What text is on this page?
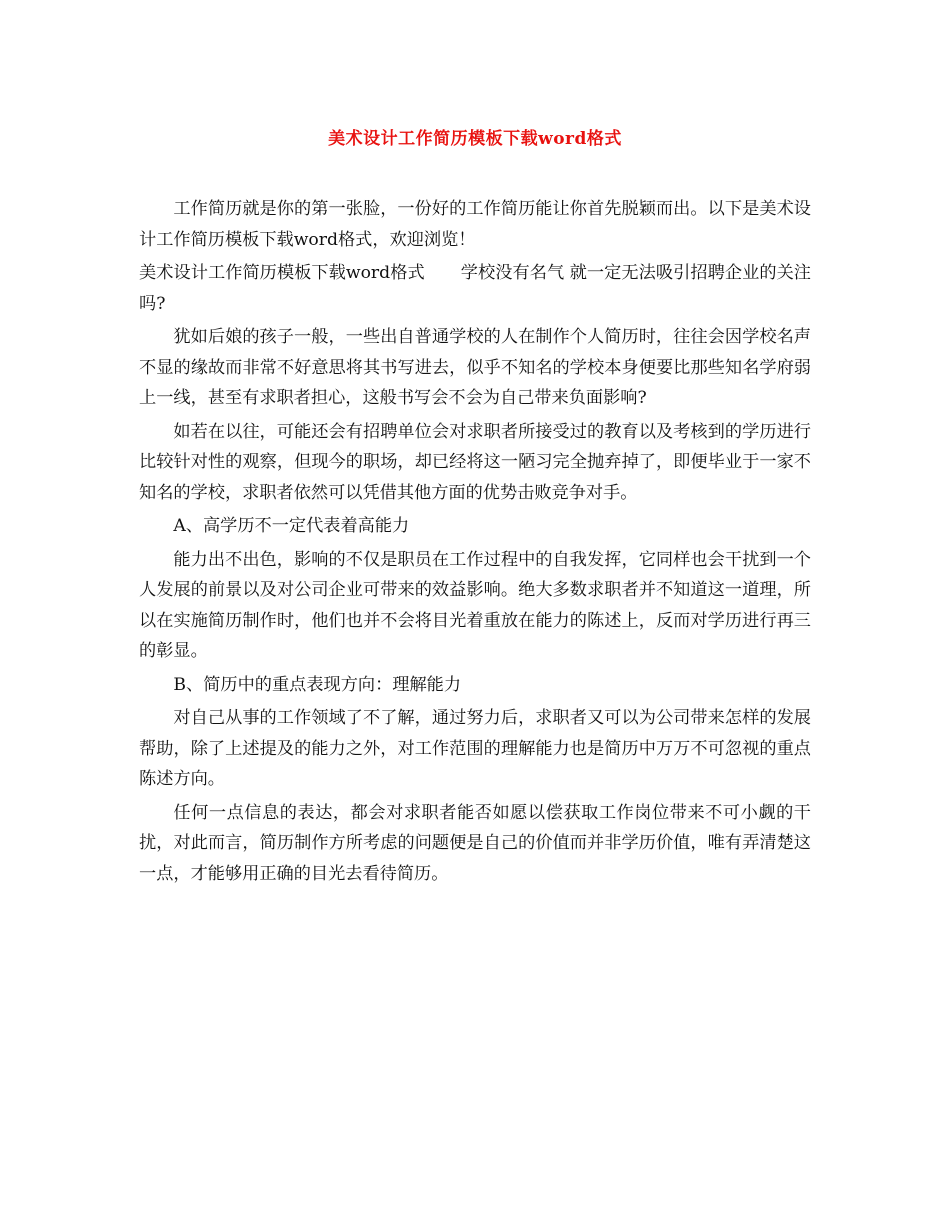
美术设计工作简历模板下载word格式

工作简历就是你的第一张脸，一份好的工作简历能让你首先脱颖而出。以下是美术设计工作简历模板下载word格式，欢迎浏览！

美术设计工作简历模板下载word格式 学校没有名气 就一定无法吸引招聘企业的关注吗?

犹如后娘的孩子一般，一些出自普通学校的人在制作个人简历时，往往会因学校名声不显的缘故而非常不好意思将其书写进去，似乎不知名的学校本身便要比那些知名学府弱上一线，甚至有求职者担心，这般书写会不会为自己带来负面影响?

如若在以往，可能还会有招聘单位会对求职者所接受过的教育以及考核到的学历进行比较针对性的观察，但现今的职场，却已经将这一陋习完全抛弃掉了，即便毕业于一家不知名的学校，求职者依然可以凭借其他方面的优势击败竞争对手。

A、高学历不一定代表着高能力

能力出不出色，影响的不仅是职员在工作过程中的自我发挥，它同样也会干扰到一个人发展的前景以及对公司企业可带来的效益影响。绝大多数求职者并不知道这一道理，所以在实施简历制作时，他们也并不会将目光着重放在能力的陈述上，反而对学历进行再三的彰显。

B、简历中的重点表现方向：理解能力

对自己从事的工作领域了不了解，通过努力后，求职者又可以为公司带来怎样的发展帮助，除了上述提及的能力之外，对工作范围的理解能力也是简历中万万不可忽视的重点陈述方向。

任何一点信息的表达，都会对求职者能否如愿以偿获取工作岗位带来不可小觑的干扰，对此而言，简历制作方所考虑的问题便是自己的价值而并非学历价值，唯有弄清楚这一点，才能够用正确的目光去看待简历。
